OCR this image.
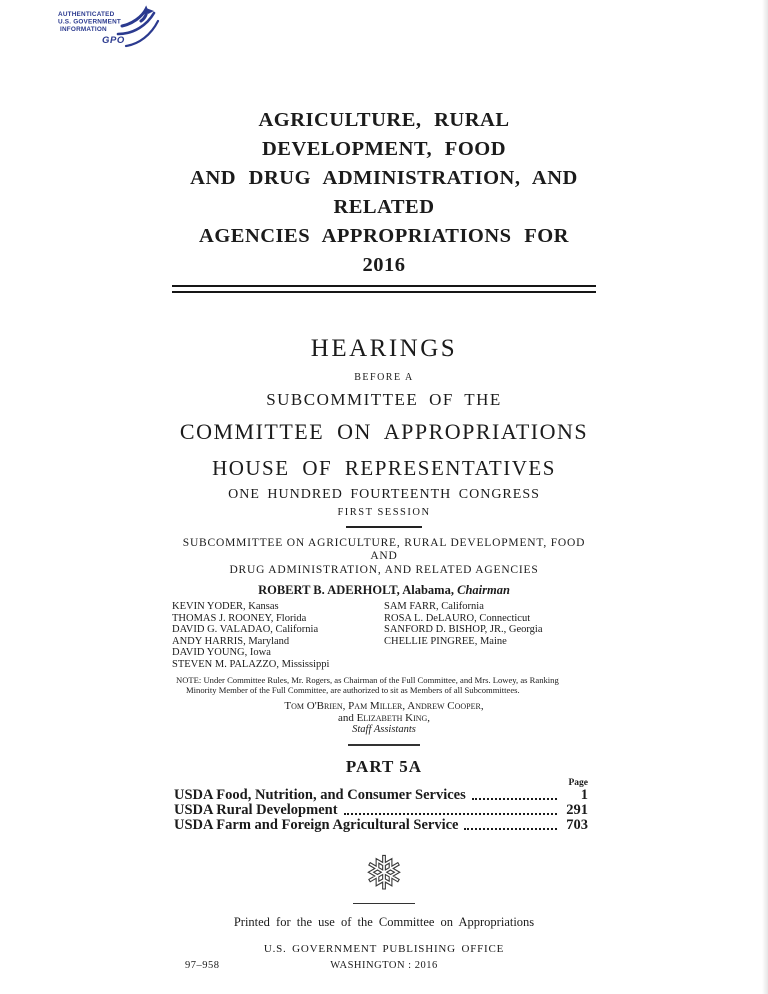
AUTHENTICATED
U.S. GOVERNMENT
INFORMATION
GPO
AGRICULTURE, RURAL DEVELOPMENT, FOOD
AND DRUG ADMINISTRATION, AND RELATED
AGENCIES APPROPRIATIONS FOR 2016
HEARINGS
BEFORE A
SUBCOMMITTEE OF THE
COMMITTEE ON APPROPRIATIONS
HOUSE OF REPRESENTATIVES
ONE HUNDRED FOURTEENTH CONGRESS
FIRST SESSION
SUBCOMMITTEE ON AGRICULTURE, RURAL DEVELOPMENT, FOOD AND
DRUG ADMINISTRATION, AND RELATED AGENCIES
ROBERT B. ADERHOLT, Alabama, Chairman
KEVIN YODER, Kansas
THOMAS J. ROONEY, Florida
DAVID G. VALADAO, California
ANDY HARRIS, Maryland
DAVID YOUNG, Iowa
STEVEN M. PALAZZO, Mississippi
SAM FARR, California
ROSA L. DeLAURO, Connecticut
SANFORD D. BISHOP, JR., Georgia
CHELLIE PINGREE, Maine
NOTE: Under Committee Rules, Mr. Rogers, as Chairman of the Full Committee, and Mrs. Lowey, as Ranking
Minority Member of the Full Committee, are authorized to sit as Members of all Subcommittees.
Tom O'Brien, Pam Miller, Andrew Cooper,
and Elizabeth King,
Staff Assistants
PART 5A
Page
USDA Food, Nutrition, and Consumer Services	1
USDA Rural Development	291
USDA Farm and Foreign Agricultural Service	703
❅
Printed for the use of the Committee on Appropriations
U.S. GOVERNMENT PUBLISHING OFFICE
97–958	WASHINGTON : 2016
